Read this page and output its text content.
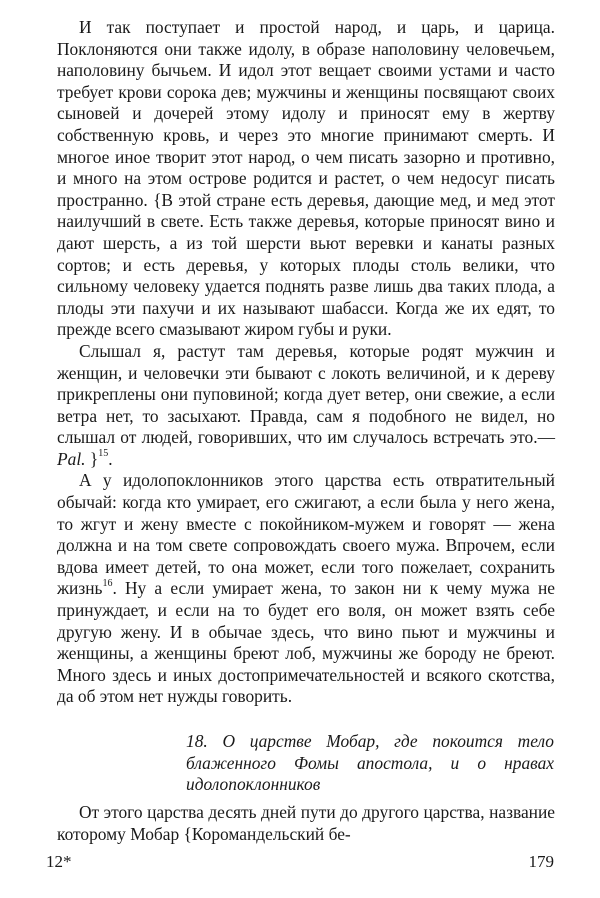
И так поступает и простой народ, и царь, и царица. Поклоняются они также идолу, в образе наполовину человечьем, наполовину бычьем. И идол этот вещает своими устами и часто требует крови сорока дев; мужчины и женщины посвящают своих сыновей и дочерей этому идолу и приносят ему в жертву собственную кровь, и через это многие принимают смерть. И многое иное творит этот народ, о чем писать зазорно и противно, и много на этом острове родится и растет, о чем недосуг писать пространно. {В этой стране есть деревья, дающие мед, и мед этот наилучший в свете. Есть также деревья, которые приносят вино и дают шерсть, а из той шерсти вьют веревки и канаты разных сортов; и есть деревья, у которых плоды столь велики, что сильному человеку удается поднять разве лишь два таких плода, а плоды эти пахучи и их называют шабасси. Когда же их едят, то прежде всего смазывают жиром губы и руки.

Слышал я, растут там деревья, которые родят мужчин и женщин, и человечки эти бывают с локоть величиной, и к дереву прикреплены они пуповиной; когда дует ветер, они свежие, а если ветра нет, то засыхают. Правда, сам я подобного не видел, но слышал от людей, говоривших, что им случалось встречать это.— Pal. }$^{15}$.

А у идолопоклонников этого царства есть отвратительный обычай: когда кто умирает, его сжигают, а если была у него жена, то жгут и жену вместе с покойником-мужем и говорят — жена должна и на том свете сопровождать своего мужа. Впрочем, если вдова имеет детей, то она может, если того пожелает, сохранить жизнь$^{16}$. Ну а если умирает жена, то закон ни к чему мужа не принуждает, и если на то будет его воля, он может взять себе другую жену. И в обычае здесь, что вино пьют и мужчины и женщины, а женщины бреют лоб, мужчины же бороду не бреют. Много здесь и иных достопримечательностей и всякого скотства, да об этом нет нужды говорить.

18. О царстве Мобар, где покоится тело блаженного Фомы апостола, и о нравах идолопоклонников

От этого царства десять дней пути до другого царства, название которому Мобар {Коромандельский бе-

12*	179
